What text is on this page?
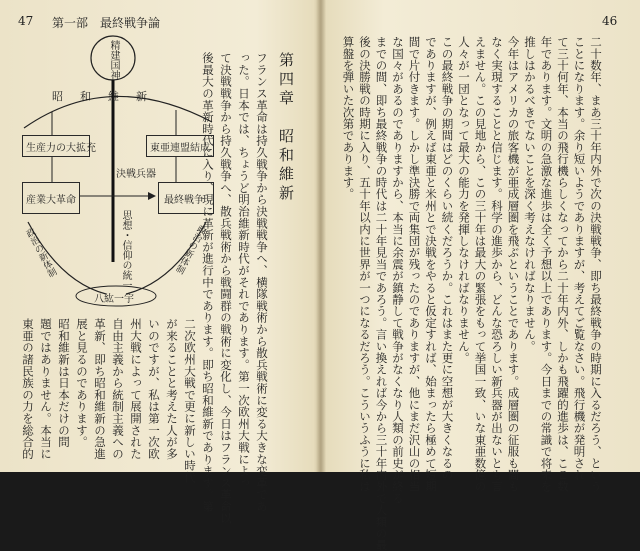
47 第一部　最終戦争論	46
第四章　昭和維新
フランス革命は持久戦争から決戦戦争へ、横隊戦術から散兵戦術に変る大きな変革であ
った。日本では、ちょうど明治維新時代がそれであります。第一次欧州大戦によっ
て決戦戦争から持久戦争へ、散兵戦術から戦闘群の戦術に変化し、今日はフランス革命以
後最大の革新時代に入り、現に革新が進行中であります。即ち昭和維新であります。第
二次欧州大戦で更に新しい時代
が来ることと考えた人が多
いのですが、私は第一次欧
州大戦によって展開された
自由主義から統制主義への
革新、即ち昭和維新の急進
展と見るのであります。
昭和維新は日本だけの問
題ではありません。本当に
東亜の諸民族の力を総合的
精建国神
昭　和　維　新
生産力の大拡充
産業大革命
東亜連盟結成
最終戦争
決戦兵器
思想・信仰の統一
政治の新体制	政治の新体制
八紘一宇	二十数年、まあ三十年内外で次の決戦戦争、即ち最終戦争の時期に入るだろう、という
ことになります。余り短いようでありますが、考えてご覧なさい。飛行機が発明され
て三十何年、本当の飛行機らしくなってから二十年内外、しかも飛躍的進歩は、ここ数
年であります。文明の急激な進歩は全く予想以上であります。今日までの常識で将来を
推しはかるべきでないことを深く考えなければなりません。
今年はアメリカの旅客機が亜成層圏を飛ぶということであります。成層圏の征服も間も
なく実現することと信じます。科学の進歩から、どんな恐ろしい新兵器が出ないとも言
えません。この見地から、この三十年は最大の緊張をもって挙国一致、いな東亜数億の
人々が一団となって最大の能力を発揮しなければなりません。
この最終戦争の期間はどのくらい続くだろうか。これはまた更に空想が大きくなるの
でありますが、例えば東亜と米州とで決戦をやると仮定すれば、始まったら極めて短期
間で片付きます。しかし準決勝で両集団が残ったのでありますが、他にまだ沢山の相当
な国々があるのでありますから、本当に余震が鎮静して戦争がなくなり人類の前史が終る
までの間、即ち最終戦争の時代は二十年見当であろう。言い換えれば今から三十年内外で人類の最
後の決勝戦の時期に入り、五十年以内に世界が一つになるだろう。こういうふうに私は
算盤を弾いた次第であります。
